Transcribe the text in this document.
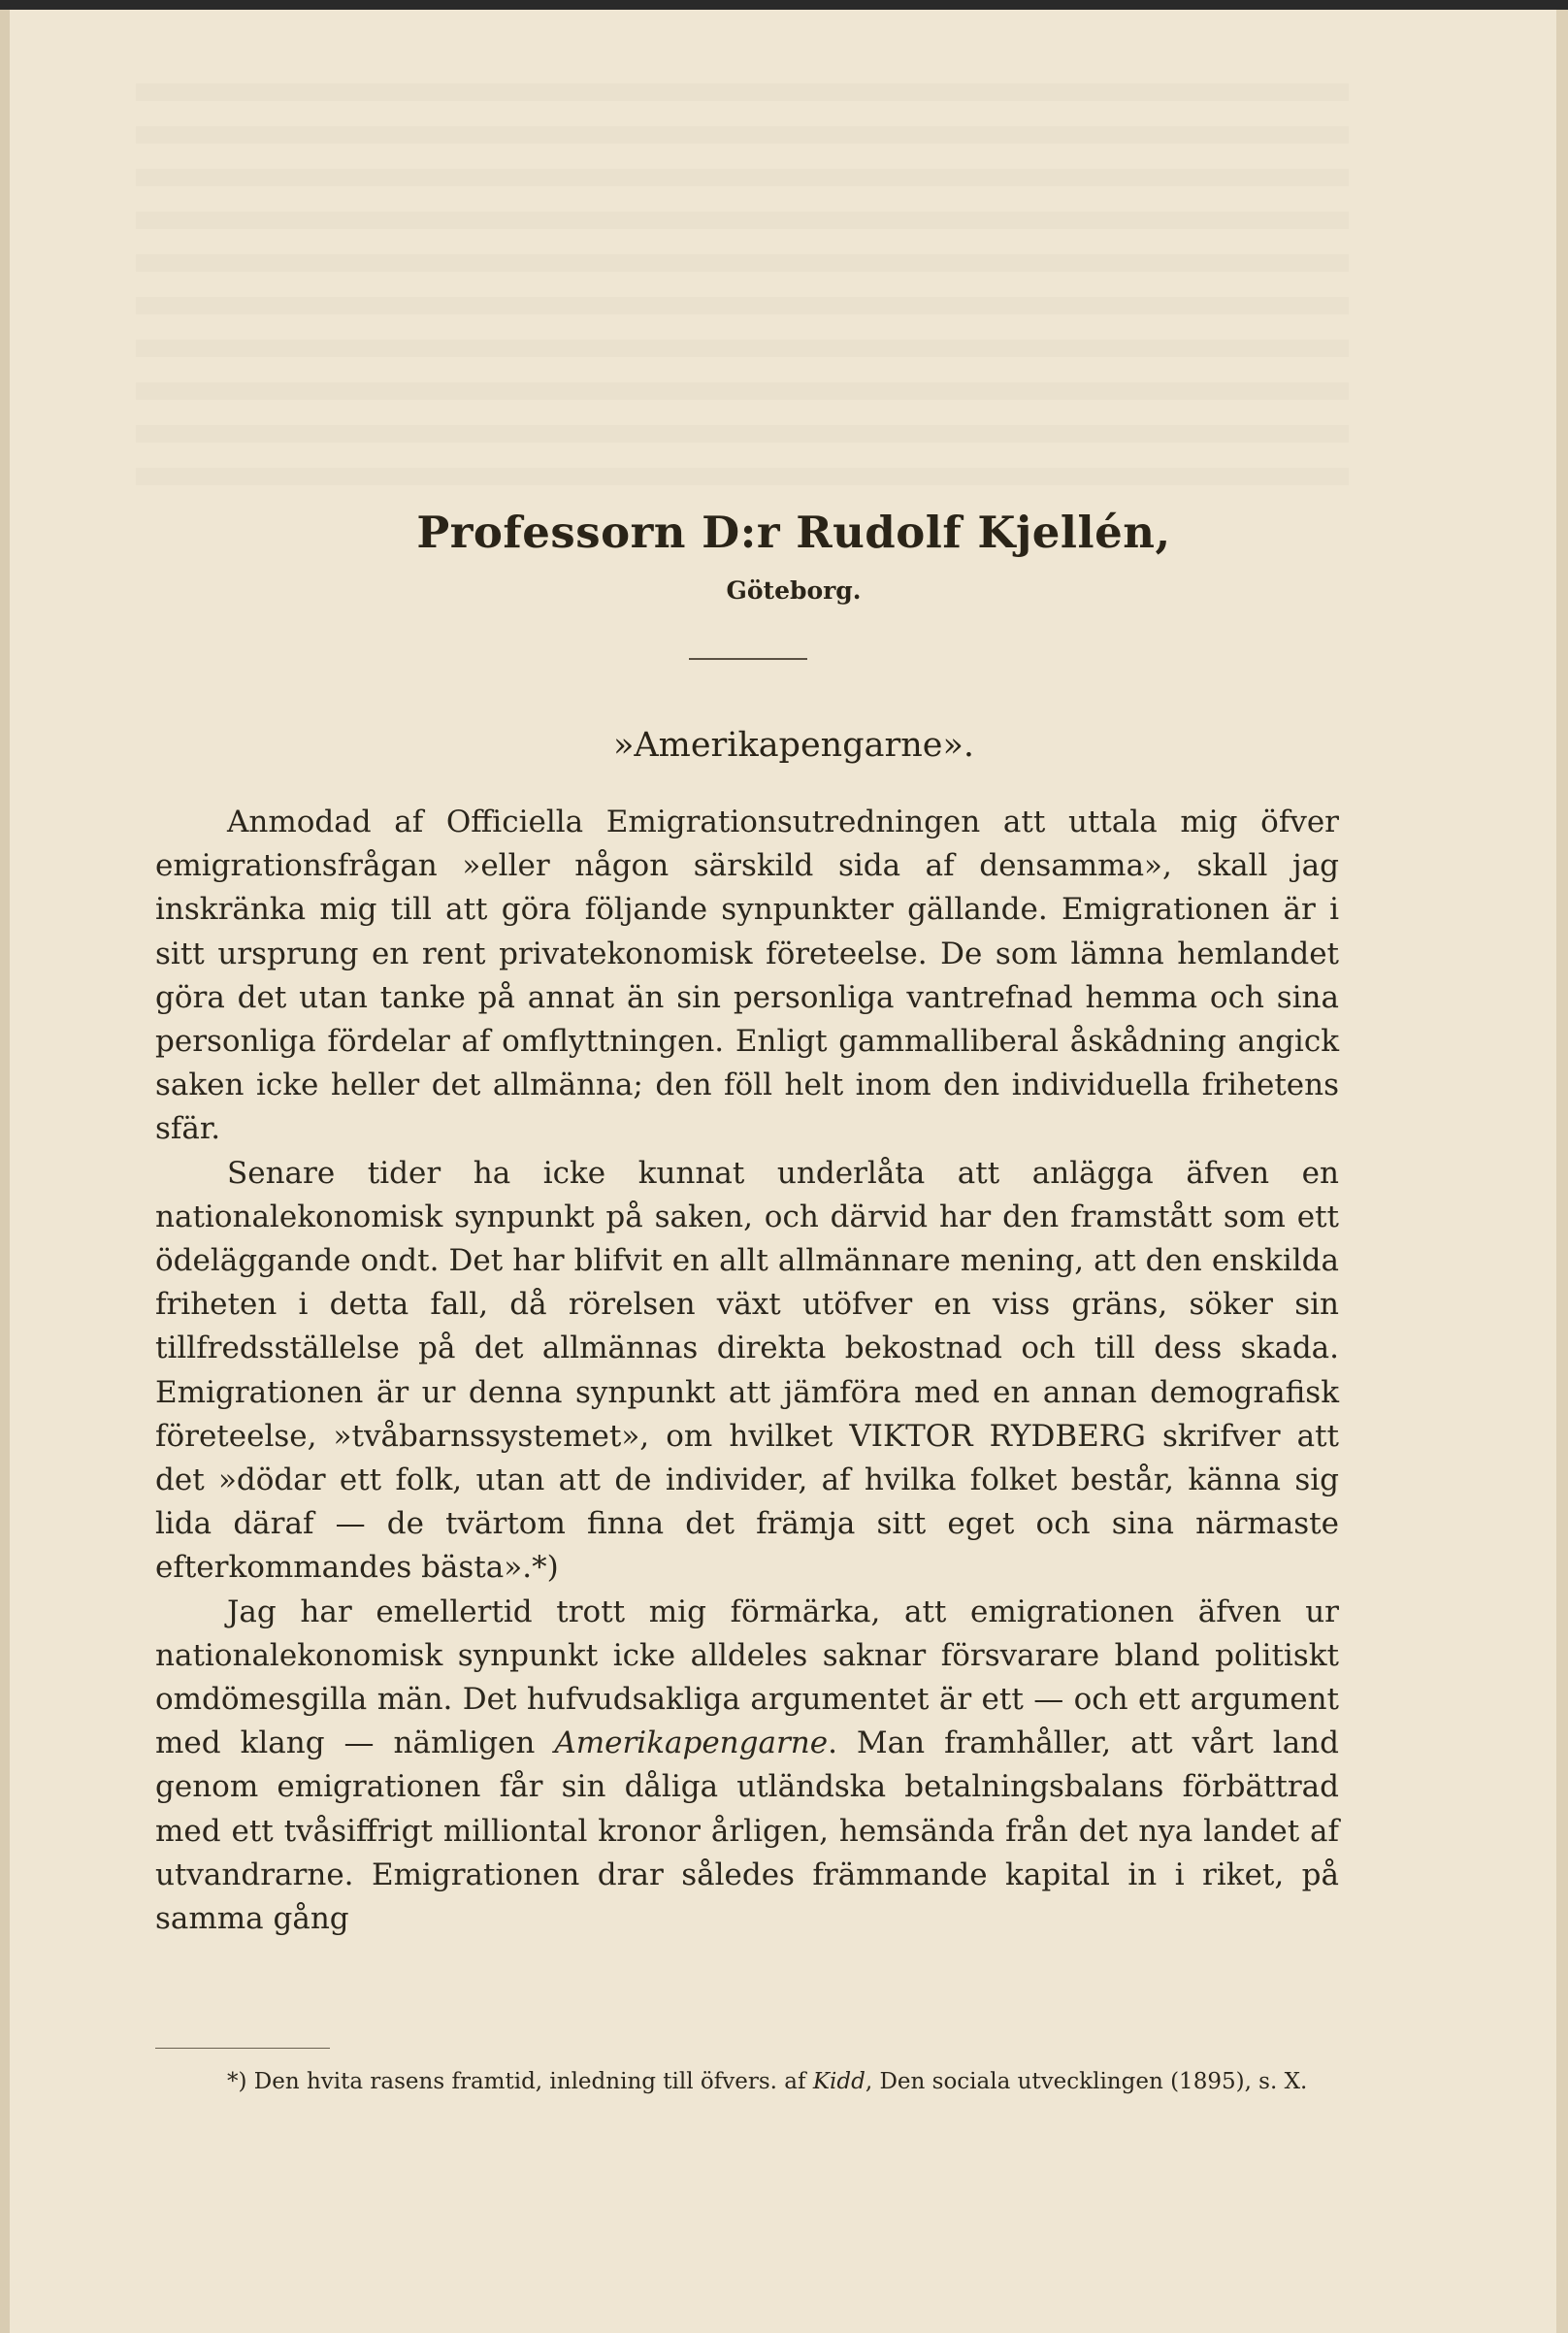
Professorn D:r Rudolf Kjellén,
Göteborg.
»Amerikapengarne».

Anmodad af Officiella Emigrationsutredningen att uttala mig öfver emigrationsfrågan »eller någon särskild sida af densamma», skall jag inskränka mig till att göra följande synpunkter gällande. Emigrationen är i sitt ursprung en rent privatekonomisk företeelse. De som lämna hemlandet göra det utan tanke på annat än sin personliga vantrefnad hemma och sina personliga fördelar af omflyttningen. Enligt gammalliberal åskådning angick saken icke heller det allmänna; den föll helt inom den individuella frihetens sfär.

Senare tider ha icke kunnat underlåta att anlägga äfven en nationalekonomisk synpunkt på saken, och därvid har den framstått som ett ödeläggande ondt. Det har blifvit en allt allmännare mening, att den enskilda friheten i detta fall, då rörelsen växt utöfver en viss gräns, söker sin tillfredsställelse på det allmännas direkta bekostnad och till dess skada. Emigrationen är ur denna synpunkt att jämföra med en annan demografisk företeelse, »tvåbarnssystemet», om hvilket VIKTOR RYDBERG skrifver att det »dödar ett folk, utan att de individer, af hvilka folket består, känna sig lida däraf — de tvärtom finna det främja sitt eget och sina närmaste efterkommandes bästa».*)

Jag har emellertid trott mig förmärka, att emigrationen äfven ur nationalekonomisk synpunkt icke alldeles saknar försvarare bland politiskt omdömesgilla män. Det hufvudsakliga argumentet är ett — och ett argument med klang — nämligen Amerikapengarne. Man framhåller, att vårt land genom emigrationen får sin dåliga utländska betalningsbalans förbättrad med ett tvåsiffrigt milliontal kronor årligen, hemsända från det nya landet af utvandrarne. Emigrationen drar således främmande kapital in i riket, på samma gång

*) Den hvita rasens framtid, inledning till öfvers. af Kidd, Den sociala utvecklingen (1895), s. X.
